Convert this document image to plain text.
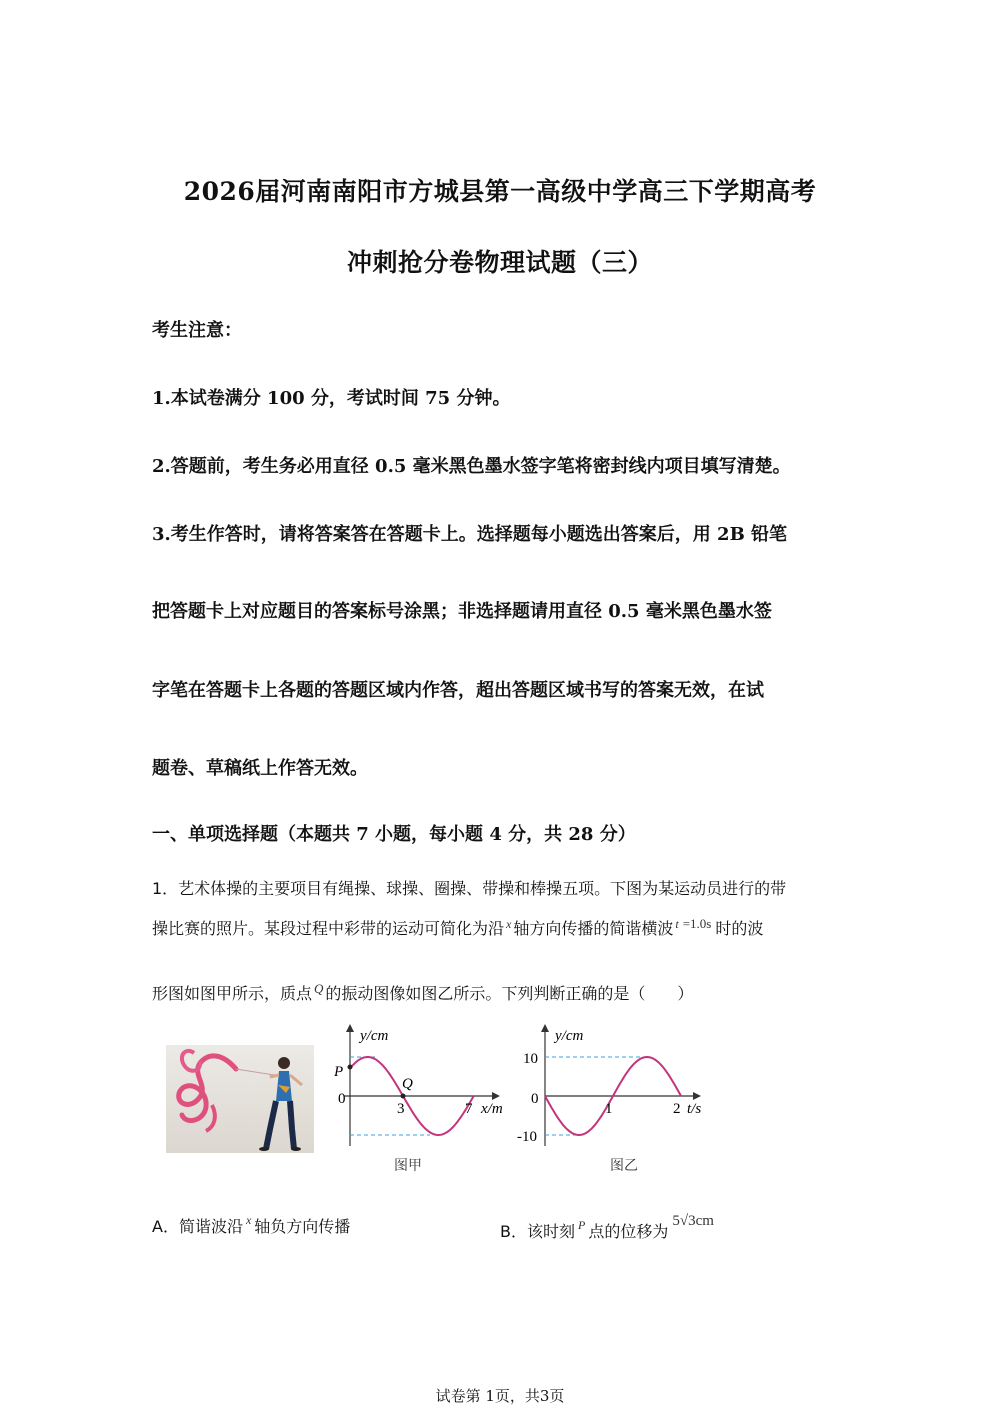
2026届河南南阳市方城县第一高级中学高三下学期高考
冲刺抢分卷物理试题（三）
考生注意：
1.本试卷满分 100 分，考试时间 75 分钟。
2.答题前，考生务必用直径 0.5 毫米黑色墨水签字笔将密封线内项目填写清楚。
3.考生作答时，请将答案答在答题卡上。选择题每小题选出答案后，用 2B 铅笔
把答题卡上对应题目的答案标号涂黑；非选择题请用直径 0.5 毫米黑色墨水签
字笔在答题卡上各题的答题区域内作答，超出答题区域书写的答案无效，在试
题卷、草稿纸上作答无效。
一、单项选择题（本题共 7 小题，每小题 4 分，共 28 分）
1．艺术体操的主要项目有绳操、球操、圈操、带操和棒操五项。下图为某运动员进行的带
操比赛的照片。某段过程中彩带的运动可简化为沿 $^x$ 轴方向传播的简谐横波 $^t$ $^{=1.0s}$ 时的波
形图如图甲所示，质点 $^Q$ 的振动图像如图乙所示。下列判断正确的是（　　）
y/cm
P
Q
0
3	7 x/m
图甲
y/cm
10
-10
0
1	2 t/s
图乙
A．简谐波沿 $^x$ 轴负方向传播	B．该时刻 $^P$ 点的位移为5√3cm
试卷第 1页，共3页
